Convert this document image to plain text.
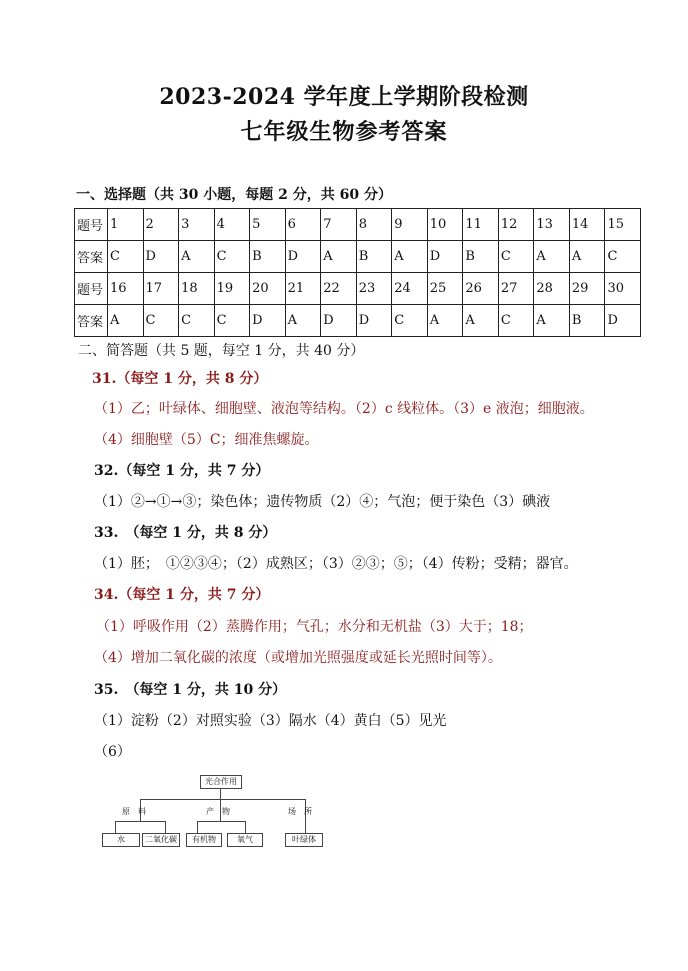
2023-2024 学年度上学期阶段检测
七年级生物参考答案
一、选择题（共 30 小题，每题 2 分，共 60 分）
题号	1	2	3	4	5	6	7	8	9	10	11	12	13	14	15
答案	C	D	A	C	B	D	A	B	A	D	B	C	A	A	C
题号	16	17	18	19	20	21	22	23	24	25	26	27	28	29	30
答案	A	C	C	C	D	A	D	D	C	A	A	C	A	B	D
二、简答题（共 5 题，每空 1 分，共 40 分）
31.（每空 1 分，共 8 分）
（1）乙；叶绿体、细胞壁、液泡等结构。（2）c 线粒体。（3）e 液泡；细胞液。
（4）细胞壁（5）C；细准焦螺旋。
32.（每空 1 分，共 7 分）
（1）②→①→③；染色体；遗传物质（2）④；气泡；便于染色（3）碘液
33.　（每空 1 分，共 8 分）
（1）胚；　①②③④；（2）成熟区；（3）②③；⑤；（4）传粉；受精；器官。
34.（每空 1 分，共 7 分）
（1）呼吸作用（2）蒸腾作用；气孔；水分和无机盐（3）大于；18；
（4）增加二氧化碳的浓度（或增加光照强度或延长光照时间等）。
35.　（每空 1 分，共 10 分）
（1）淀粉（2）对照实验（3）隔水（4）黄白（5）见光
（6）
光合作用
原　料	产　物	场　所
水	二氧化碳	有机物	氧气	叶绿体
